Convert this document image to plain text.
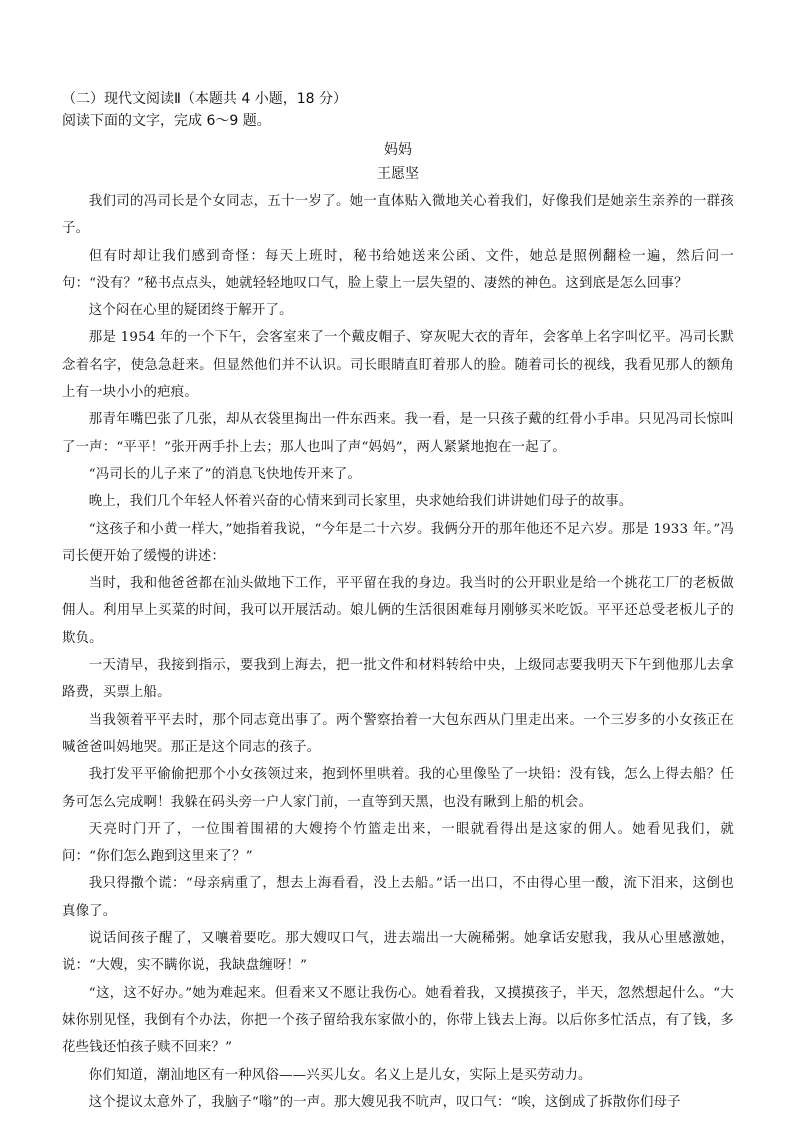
（二）现代文阅读Ⅱ（本题共 4 小题，18 分）

阅读下面的文字，完成 6～9 题。

妈妈

王愿坚

我们司的冯司长是个女同志，五十一岁了。她一直体贴入微地关心着我们，好像我们是她亲生亲养的一群孩子。

但有时却让我们感到奇怪：每天上班时，秘书给她送来公函、文件，她总是照例翻检一遍，然后问一句：“没有？”秘书点点头，她就轻轻地叹口气，脸上蒙上一层失望的、凄然的神色。这到底是怎么回事？

这个闷在心里的疑团终于解开了。

那是 1954 年的一个下午，会客室来了一个戴皮帽子、穿灰呢大衣的青年，会客单上名字叫忆平。冯司长默念着名字，使急急赶来。但显然他们并不认识。司长眼睛直盯着那人的脸。随着司长的视线，我看见那人的额角上有一块小小的疤痕。

那青年嘴巴张了几张，却从衣袋里掏出一件东西来。我一看，是一只孩子戴的红骨小手串。只见冯司长惊叫了一声：“平平！”张开两手扑上去；那人也叫了声“妈妈”，两人紧紧地抱在一起了。

“冯司长的儿子来了”的消息飞快地传开来了。

晚上，我们几个年轻人怀着兴奋的心情来到司长家里，央求她给我们讲讲她们母子的故事。

“这孩子和小黄一样大，”她指着我说，“今年是二十六岁。我俩分开的那年他还不足六岁。那是 1933 年。”冯司长便开始了缓慢的讲述：

当时，我和他爸爸都在汕头做地下工作，平平留在我的身边。我当时的公开职业是给一个挑花工厂的老板做佣人。利用早上买菜的时间，我可以开展活动。娘儿俩的生活很困难每月刚够买米吃饭。平平还总受老板儿子的欺负。

一天清早，我接到指示，要我到上海去，把一批文件和材料转给中央，上级同志要我明天下午到他那儿去拿路费，买票上船。

当我领着平平去时，那个同志竟出事了。两个警察抬着一大包东西从门里走出来。一个三岁多的小女孩正在喊爸爸叫妈地哭。那正是这个同志的孩子。

我打发平平偷偷把那个小女孩领过来，抱到怀里哄着。我的心里像坠了一块铅：没有钱，怎么上得去船？任务可怎么完成啊！我躲在码头旁一户人家门前，一直等到天黑，也没有瞅到上船的机会。

天亮时门开了，一位围着围裙的大嫂挎个竹篮走出来，一眼就看得出是这家的佣人。她看见我们，就问：“你们怎么跑到这里来了？”

我只得撒个谎：“母亲病重了，想去上海看看，没上去船。”话一出口，不由得心里一酸，流下泪来，这倒也真像了。

说话间孩子醒了，又嚷着要吃。那大嫂叹口气，进去端出一大碗稀粥。她拿话安慰我，我从心里感激她，说：“大嫂，实不瞒你说，我缺盘缠呀！”

“这，这不好办。”她为难起来。但看来又不愿让我伤心。她看着我，又摸摸孩子，半天，忽然想起什么。“大妹你别见怪，我倒有个办法，你把一个孩子留给我东家做小的，你带上钱去上海。以后你多忙活点，有了钱，多花些钱还怕孩子赎不回来？”

你们知道，潮汕地区有一种风俗——兴买儿女。名义上是儿女，实际上是买劳动力。

这个提议太意外了，我脑子“嗡”的一声。那大嫂见我不吭声，叹口气：“唉，这倒成了拆散你们母子
